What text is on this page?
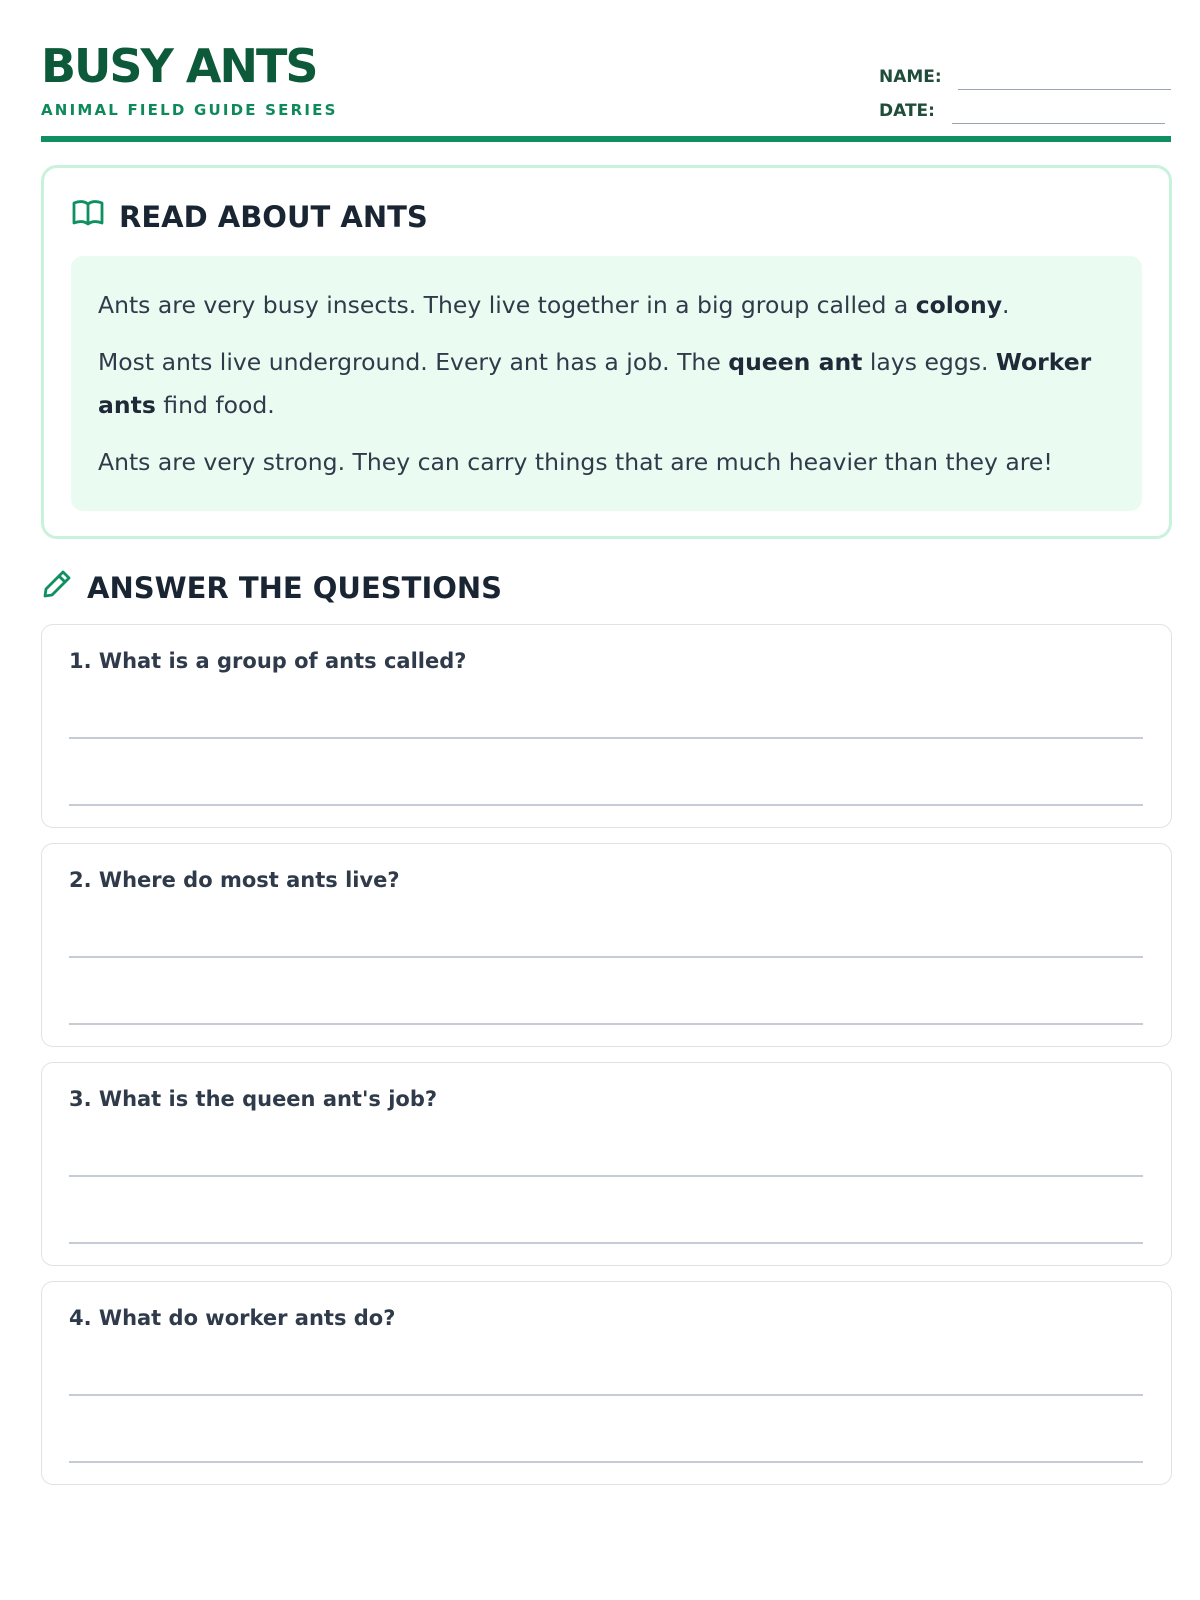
BUSY ANTS
ANIMAL FIELD GUIDE SERIES
NAME:
DATE:
READ ABOUT ANTS

Ants are very busy insects. They live together in a big group called a colony.

Most ants live underground. Every ant has a job. The queen ant lays eggs. Worker ants find food.

Ants are very strong. They can carry things that are much heavier than they are!

ANSWER THE QUESTIONS
1. What is a group of ants called?
2. Where do most ants live?
3. What is the queen ant's job?
4. What do worker ants do?
